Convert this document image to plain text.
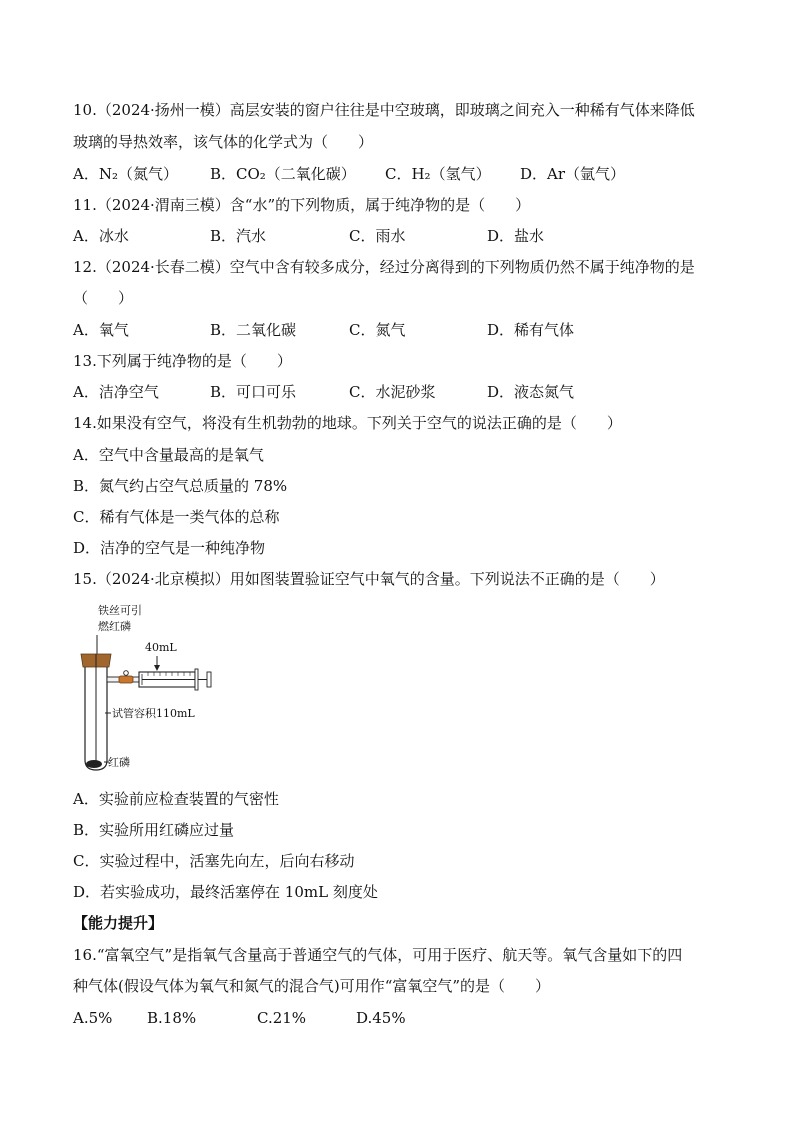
10.（2024·扬州一模）高层安装的窗户往往是中空玻璃，即玻璃之间充入一种稀有气体来降低
玻璃的导热效率，该气体的化学式为（　　）
A．N₂（氮气） B．CO₂（二氧化碳） C．H₂（氢气） D．Ar（氩气）
11.（2024·渭南三模）含“水”的下列物质，属于纯净物的是（　　）
A．冰水	B．汽水	C．雨水	D．盐水
12.（2024·长春二模）空气中含有较多成分，经过分离得到的下列物质仍然不属于纯净物的是
（　　）
A．氧气	B．二氧化碳	C．氮气	D．稀有气体
13.下列属于纯净物的是（　　）
A．洁净空气	B．可口可乐	C．水泥砂浆	D．液态氮气
14.如果没有空气，将没有生机勃勃的地球。下列关于空气的说法正确的是（　　）
A．空气中含量最高的是氧气
B．氮气约占空气总质量的 78%
C．稀有气体是一类气体的总称
D．洁净的空气是一种纯净物
15.（2024·北京模拟）用如图装置验证空气中氧气的含量。下列说法不正确的是（　　）
铁丝可引
燃红磷
40mL
试管容积110mL
红磷
A．实验前应检查装置的气密性
B．实验所用红磷应过量
C．实验过程中，活塞先向左，后向右移动
D．若实验成功，最终活塞停在 10mL 刻度处
【能力提升】
16.“富氧空气”是指氧气含量高于普通空气的气体，可用于医疗、航天等。氧气含量如下的四
种气体(假设气体为氧气和氮气的混合气)可用作“富氧空气”的是（　　）
A.5% B.18%	C.21%	D.45%
